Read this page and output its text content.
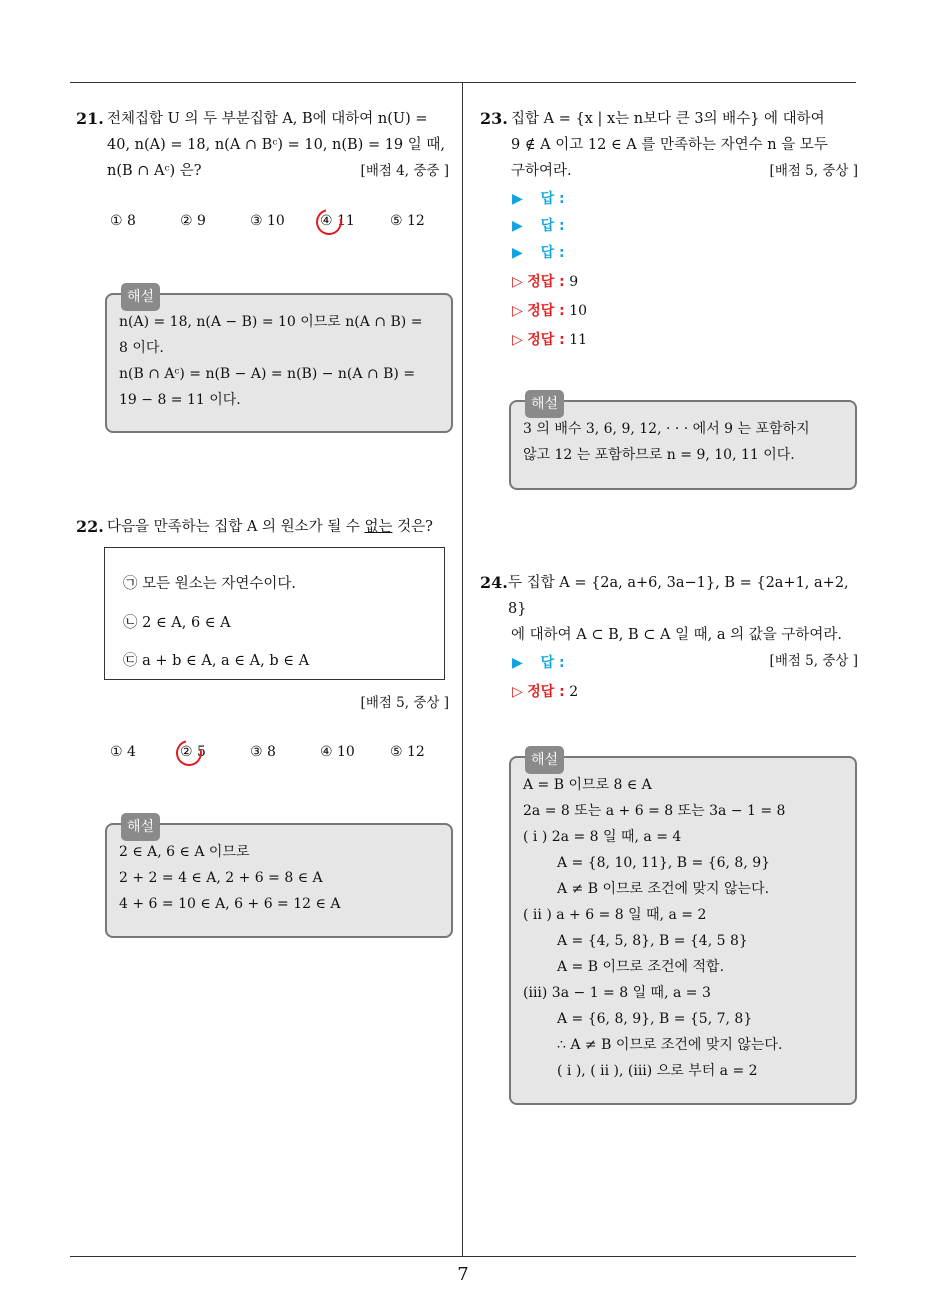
7
21. 전체집합 U 의 두 부분집합 A, B에 대하여 n(U) =
40, n(A) = 18, n(A ∩ Bᶜ) = 10, n(B) = 19 일 때,
n(B ∩ Aᶜ) 은?	[배점 4, 중중 ]
① 8	② 9	③ 10	④ 11	⑤ 12
해설
n(A) = 18, n(A − B) = 10 이므로 n(A ∩ B) =
8 이다.
n(B ∩ Aᶜ) = n(B − A) = n(B) − n(A ∩ B) =
19 − 8 = 11 이다.
22. 다음을 만족하는 집합 A 의 원소가 될 수 없는 것은?
㉠ 모든 원소는 자연수이다.
㉡ 2 ∈ A, 6 ∈ A
㉢ a + b ∈ A, a ∈ A, b ∈ A
[배점 5, 중상 ]
① 4	② 5	③ 8	④ 10	⑤ 12
해설
2 ∈ A, 6 ∈ A 이므로
2 + 2 = 4 ∈ A, 2 + 6 = 8 ∈ A
4 + 6 = 10 ∈ A, 6 + 6 = 12 ∈ A
23. 집합 A = {x | x는 n보다 큰 3의 배수} 에 대하여
9 ∉ A 이고 12 ∈ A 를 만족하는 자연수 n 을 모두
구하여라.	[배점 5, 중상 ]
▶ 답 :
▶ 답 :
▶ 답 :
▷ 정답 : 9
▷ 정답 : 10
▷ 정답 : 11
해설
3 의 배수 3, 6, 9, 12, · · · 에서 9 는 포함하지
않고 12 는 포함하므로 n = 9, 10, 11 이다.
24. 두 집합 A = {2a, a+6, 3a−1}, B = {2a+1, a+2, 8}
에 대하여 A ⊂ B, B ⊂ A 일 때, a 의 값을 구하여라.
[배점 5, 중상 ]
▶ 답 :
▷ 정답 : 2
해설
A = B 이므로 8 ∈ A
2a = 8 또는 a + 6 = 8 또는 3a − 1 = 8
( i ) 2a = 8 일 때, a = 4
A = {8, 10, 11}, B = {6, 8, 9}
A ≠ B 이므로 조건에 맞지 않는다.
( ii ) a + 6 = 8 일 때, a = 2
A = {4, 5, 8}, B = {4, 5 8}
A = B 이므로 조건에 적합.
(iii) 3a − 1 = 8 일 때, a = 3
A = {6, 8, 9}, B = {5, 7, 8}
∴ A ≠ B 이므로 조건에 맞지 않는다.
( i ), ( ii ), (iii) 으로 부터 a = 2
